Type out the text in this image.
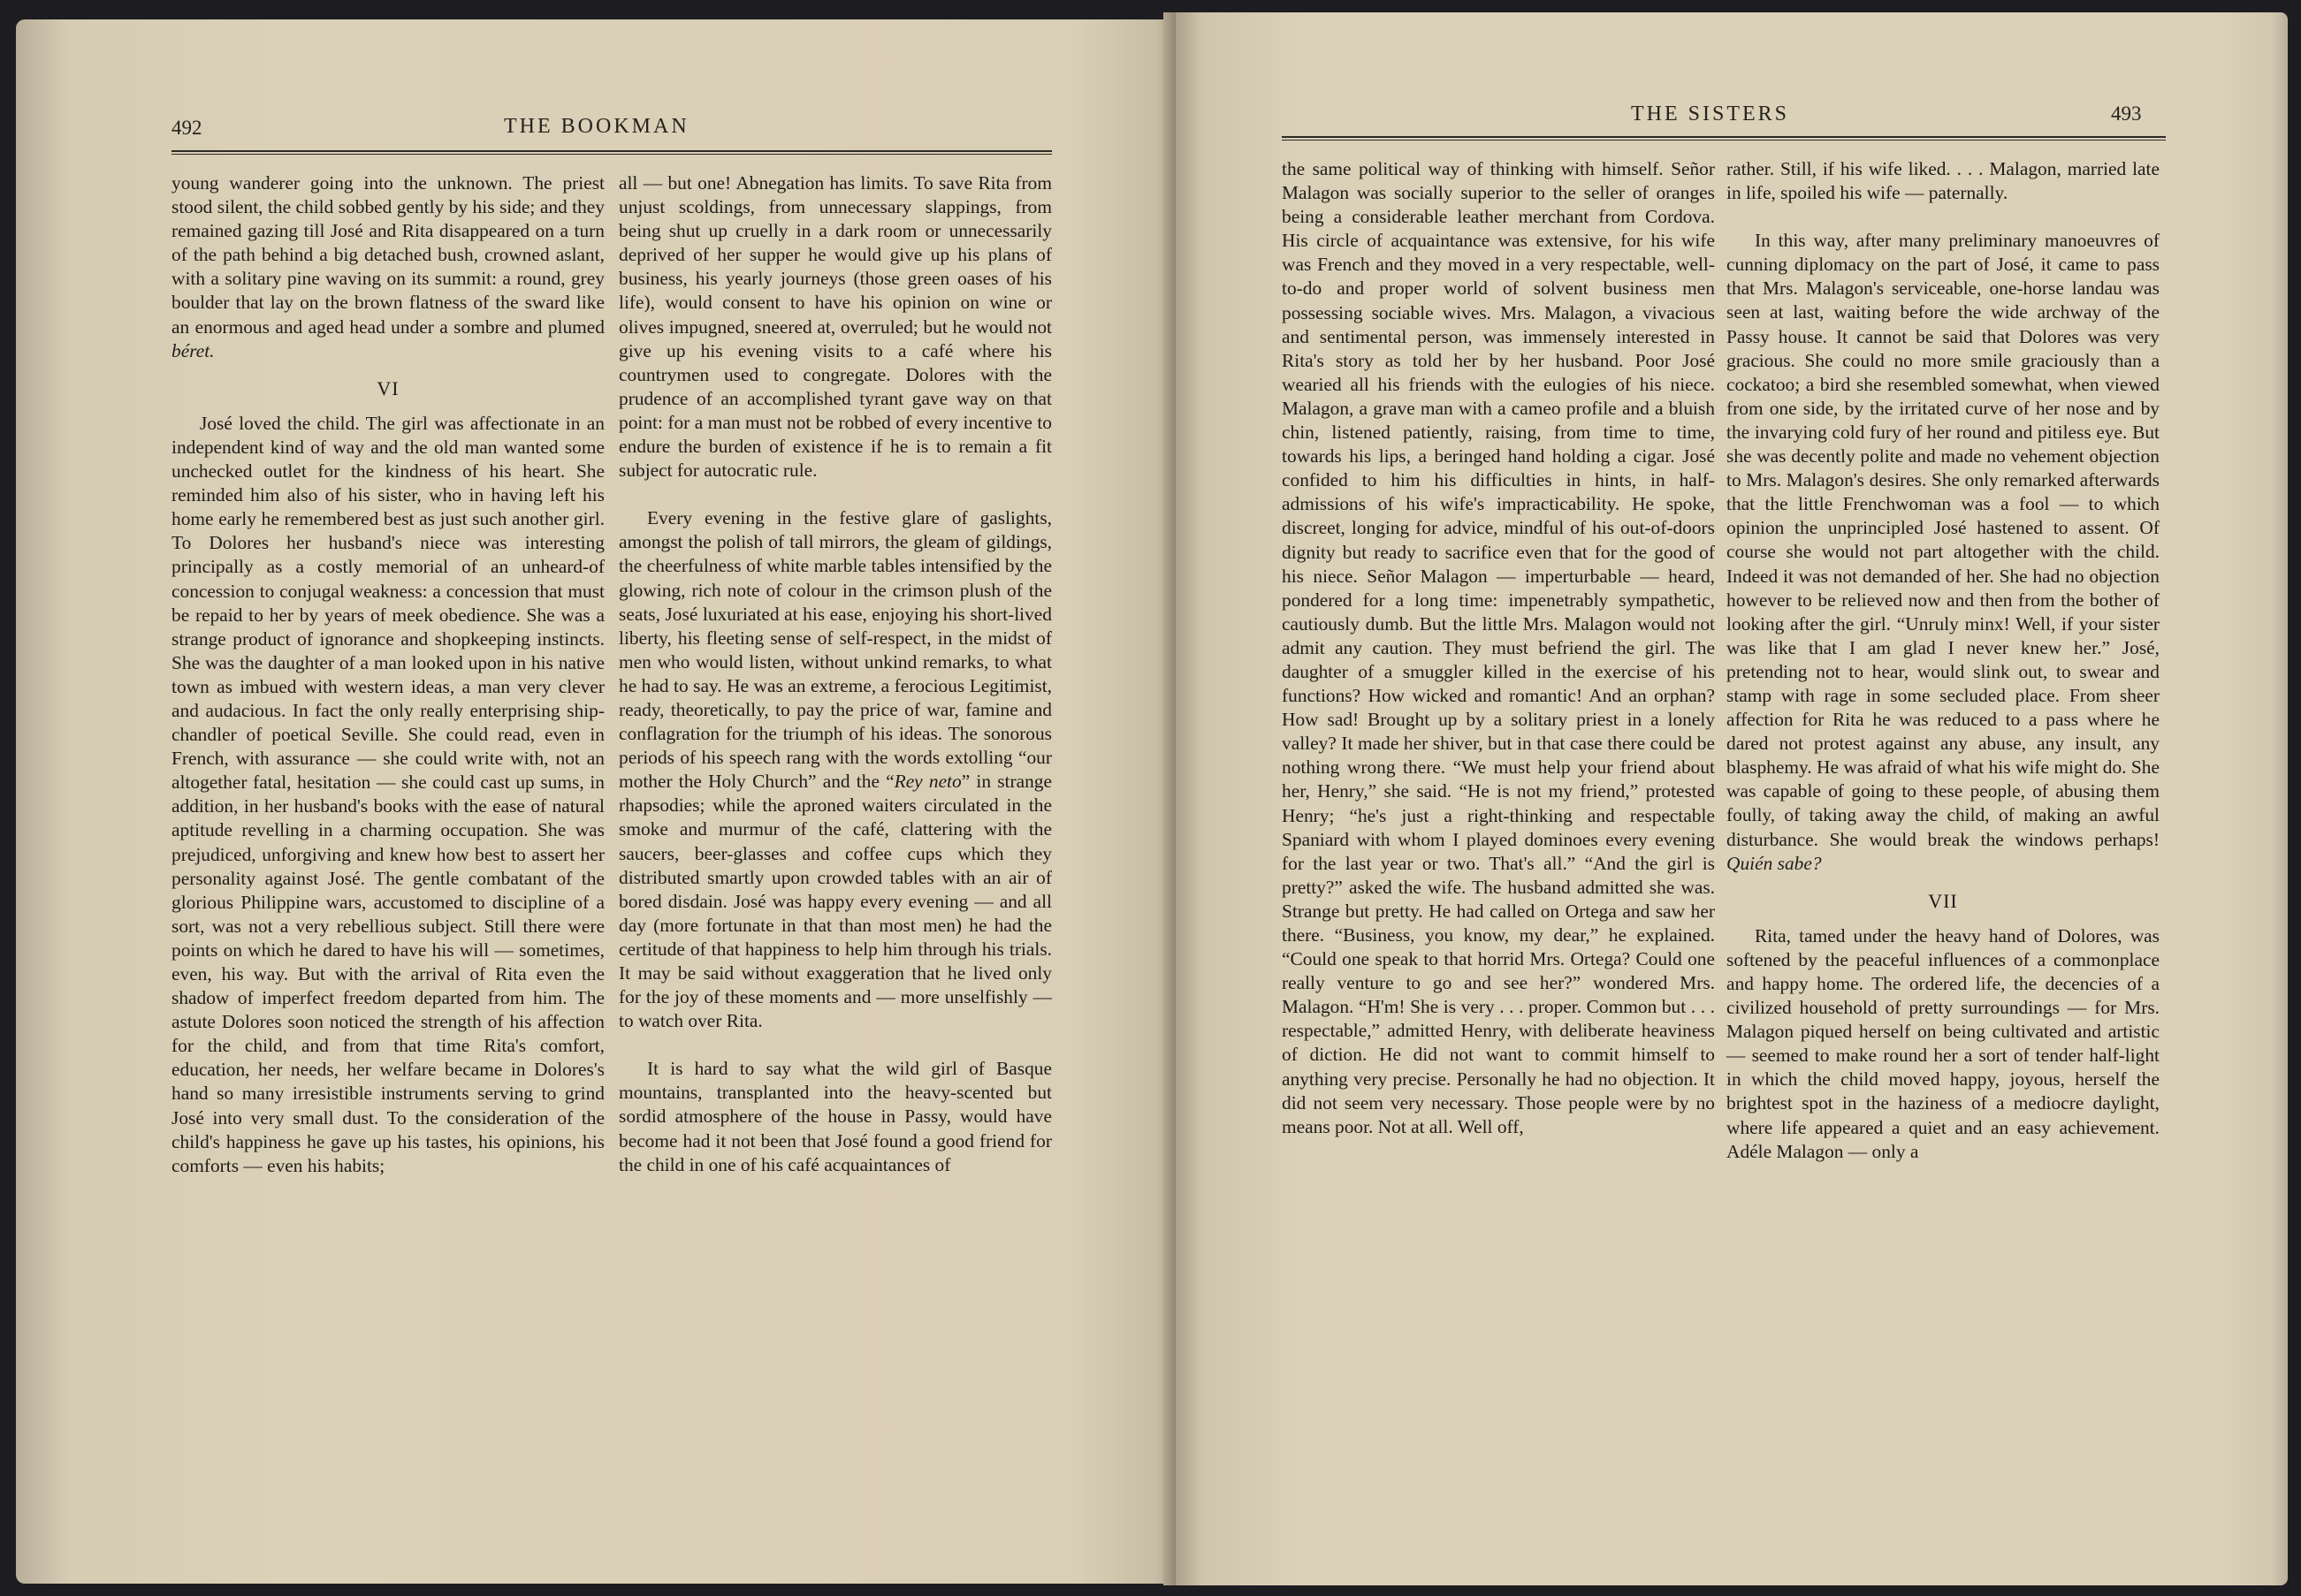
492	THE BOOKMAN

young wanderer going into the unknown. The priest stood silent, the child sobbed gently by his side; and they remained gazing till José and Rita disappeared on a turn of the path behind a big detached bush, crowned aslant, with a solitary pine waving on its summit: a round, grey boulder that lay on the brown flatness of the sward like an enormous and aged head under a sombre and plumed béret.

VI

José loved the child. The girl was affectionate in an independent kind of way and the old man wanted some unchecked outlet for the kindness of his heart. She reminded him also of his sister, who in having left his home early he remembered best as just such another girl. To Dolores her husband's niece was interesting principally as a costly memorial of an unheard-of concession to conjugal weakness: a concession that must be repaid to her by years of meek obedience. She was a strange product of ignorance and shopkeeping instincts. She was the daughter of a man looked upon in his native town as imbued with western ideas, a man very clever and audacious. In fact the only really enterprising ship-chandler of poetical Seville. She could read, even in French, with assurance — she could write with, not an altogether fatal, hesitation — she could cast up sums, in addition, in her husband's books with the ease of natural aptitude revelling in a charming occupation. She was prejudiced, unforgiving and knew how best to assert her personality against José. The gentle combatant of the glorious Philippine wars, accustomed to discipline of a sort, was not a very rebellious subject. Still there were points on which he dared to have his will — sometimes, even, his way. But with the arrival of Rita even the shadow of imperfect freedom departed from him. The astute Dolores soon noticed the strength of his affection for the child, and from that time Rita's comfort, education, her needs, her welfare became in Dolores's hand so many irresistible instruments serving to grind José into very small dust. To the consideration of the child's happiness he gave up his tastes, his opinions, his comforts — even his habits;

all — but one! Abnegation has limits. To save Rita from unjust scoldings, from unnecessary slappings, from being shut up cruelly in a dark room or unnecessarily deprived of her supper he would give up his plans of business, his yearly journeys (those green oases of his life), would consent to have his opinion on wine or olives impugned, sneered at, overruled; but he would not give up his evening visits to a café where his countrymen used to congregate. Dolores with the prudence of an accomplished tyrant gave way on that point: for a man must not be robbed of every incentive to endure the burden of existence if he is to remain a fit subject for autocratic rule.

Every evening in the festive glare of gaslights, amongst the polish of tall mirrors, the gleam of gildings, the cheerfulness of white marble tables intensified by the glowing, rich note of colour in the crimson plush of the seats, José luxuriated at his ease, enjoying his short-lived liberty, his fleeting sense of self-respect, in the midst of men who would listen, without unkind remarks, to what he had to say. He was an extreme, a ferocious Legitimist, ready, theoretically, to pay the price of war, famine and conflagration for the triumph of his ideas. The sonorous periods of his speech rang with the words extolling “our mother the Holy Church” and the “Rey neto” in strange rhapsodies; while the aproned waiters circulated in the smoke and murmur of the café, clattering with the saucers, beer-glasses and coffee cups which they distributed smartly upon crowded tables with an air of bored disdain. José was happy every evening — and all day (more fortunate in that than most men) he had the certitude of that happiness to help him through his trials. It may be said without exaggeration that he lived only for the joy of these moments and — more unselfishly — to watch over Rita.

It is hard to say what the wild girl of Basque mountains, transplanted into the heavy-scented but sordid atmosphere of the house in Passy, would have become had it not been that José found a good friend for the child in one of his café acquaintances of

THE SISTERS	493

the same political way of thinking with himself. Señor Malagon was socially superior to the seller of oranges being a considerable leather merchant from Cordova. His circle of acquaintance was extensive, for his wife was French and they moved in a very respectable, well-to-do and proper world of solvent business men possessing sociable wives. Mrs. Malagon, a vivacious and sentimental person, was immensely interested in Rita's story as told her by her husband. Poor José wearied all his friends with the eulogies of his niece. Malagon, a grave man with a cameo profile and a bluish chin, listened patiently, raising, from time to time, towards his lips, a beringed hand holding a cigar. José confided to him his difficulties in hints, in half-admissions of his wife's impracticability. He spoke, discreet, longing for advice, mindful of his out-of-doors dignity but ready to sacrifice even that for the good of his niece. Señor Malagon — imperturbable — heard, pondered for a long time: impenetrably sympathetic, cautiously dumb. But the little Mrs. Malagon would not admit any caution. They must befriend the girl. The daughter of a smuggler killed in the exercise of his functions? How wicked and romantic! And an orphan? How sad! Brought up by a solitary priest in a lonely valley? It made her shiver, but in that case there could be nothing wrong there. “We must help your friend about her, Henry,” she said. “He is not my friend,” protested Henry; “he's just a right-thinking and respectable Spaniard with whom I played dominoes every evening for the last year or two. That's all.” “And the girl is pretty?” asked the wife. The husband admitted she was. Strange but pretty. He had called on Ortega and saw her there. “Business, you know, my dear,” he explained. “Could one speak to that horrid Mrs. Ortega? Could one really venture to go and see her?” wondered Mrs. Malagon. “H'm! She is very . . . proper. Common but . . . respectable,” admitted Henry, with deliberate heaviness of diction. He did not want to commit himself to anything very precise. Personally he had no objection. It did not seem very necessary. Those people were by no means poor. Not at all. Well off,

rather. Still, if his wife liked. . . . Malagon, married late in life, spoiled his wife — paternally.

In this way, after many preliminary manoeuvres of cunning diplomacy on the part of José, it came to pass that Mrs. Malagon's serviceable, one-horse landau was seen at last, waiting before the wide archway of the Passy house. It cannot be said that Dolores was very gracious. She could no more smile graciously than a cockatoo; a bird she resembled somewhat, when viewed from one side, by the irritated curve of her nose and by the invarying cold fury of her round and pitiless eye. But she was decently polite and made no vehement objection to Mrs. Malagon's desires. She only remarked afterwards that the little Frenchwoman was a fool — to which opinion the unprincipled José hastened to assent. Of course she would not part altogether with the child. Indeed it was not demanded of her. She had no objection however to be relieved now and then from the bother of looking after the girl. “Unruly minx! Well, if your sister was like that I am glad I never knew her.” José, pretending not to hear, would slink out, to swear and stamp with rage in some secluded place. From sheer affection for Rita he was reduced to a pass where he dared not protest against any abuse, any insult, any blasphemy. He was afraid of what his wife might do. She was capable of going to these people, of abusing them foully, of taking away the child, of making an awful disturbance. She would break the windows perhaps! Quién sabe?

VII

Rita, tamed under the heavy hand of Dolores, was softened by the peaceful influences of a commonplace and happy home. The ordered life, the decencies of a civilized household of pretty surroundings — for Mrs. Malagon piqued herself on being cultivated and artistic — seemed to make round her a sort of tender half-light in which the child moved happy, joyous, herself the brightest spot in the haziness of a mediocre daylight, where life appeared a quiet and an easy achievement. Adéle Malagon — only a
